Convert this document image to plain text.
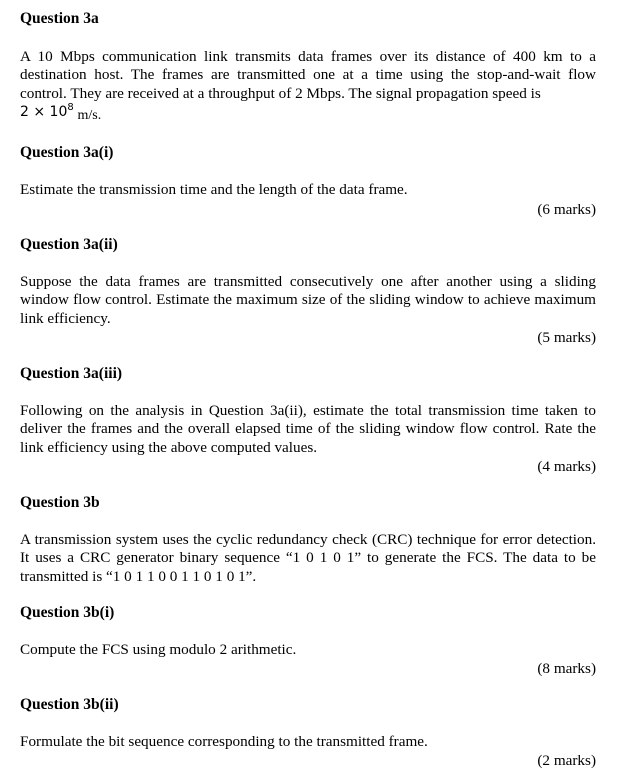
Question 3a
A 10 Mbps communication link transmits data frames over its distance of 400 km to a destination host. The frames are transmitted one at a time using the stop-and-wait flow control. They are received at a throughput of 2 Mbps. The signal propagation speed is
$2 \times 10^8$ m/s.
Question 3a(i)
Estimate the transmission time and the length of the data frame.
(6 marks)
Question 3a(ii)
Suppose the data frames are transmitted consecutively one after another using a sliding window flow control. Estimate the maximum size of the sliding window to achieve maximum link efficiency.
(5 marks)
Question 3a(iii)
Following on the analysis in Question 3a(ii), estimate the total transmission time taken to deliver the frames and the overall elapsed time of the sliding window flow control. Rate the link efficiency using the above computed values.
(4 marks)
Question 3b
A transmission system uses the cyclic redundancy check (CRC) technique for error detection. It uses a CRC generator binary sequence “1 0 1 0 1” to generate the FCS. The data to be transmitted is “1 0 1 1 0 0 1 1 0 1 0 1”.
Question 3b(i)
Compute the FCS using modulo 2 arithmetic.
(8 marks)
Question 3b(ii)
Formulate the bit sequence corresponding to the transmitted frame.
(2 marks)
